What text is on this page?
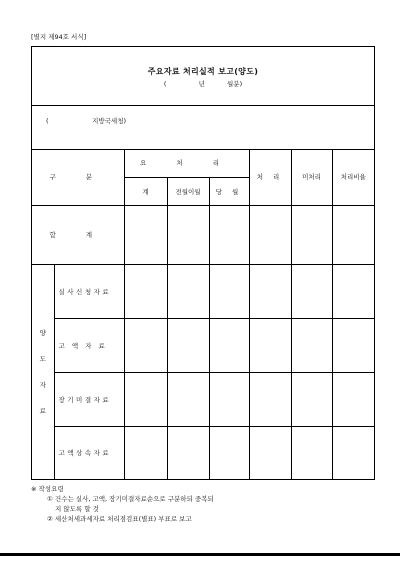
[별지 제94호 서식]
주요자료 처리실적 보고(양도)
(	년	월분)
(	지방국세청)
구 분		요 처 리			처 리	미처리	처리비율
		계	전월이월	당 월			
합 계							

양
도
자
료	실사신청자료						
	고 액 자 료						
	장기미결자료						
	고액상속자료						
※ 작성요령
① 건수는 실사, 고액, 장기미결자료순으로 구분하되 중복되
지 않도록 할 것
② 세산처세과세자료 처리점검표(별표) 부표로 보고
